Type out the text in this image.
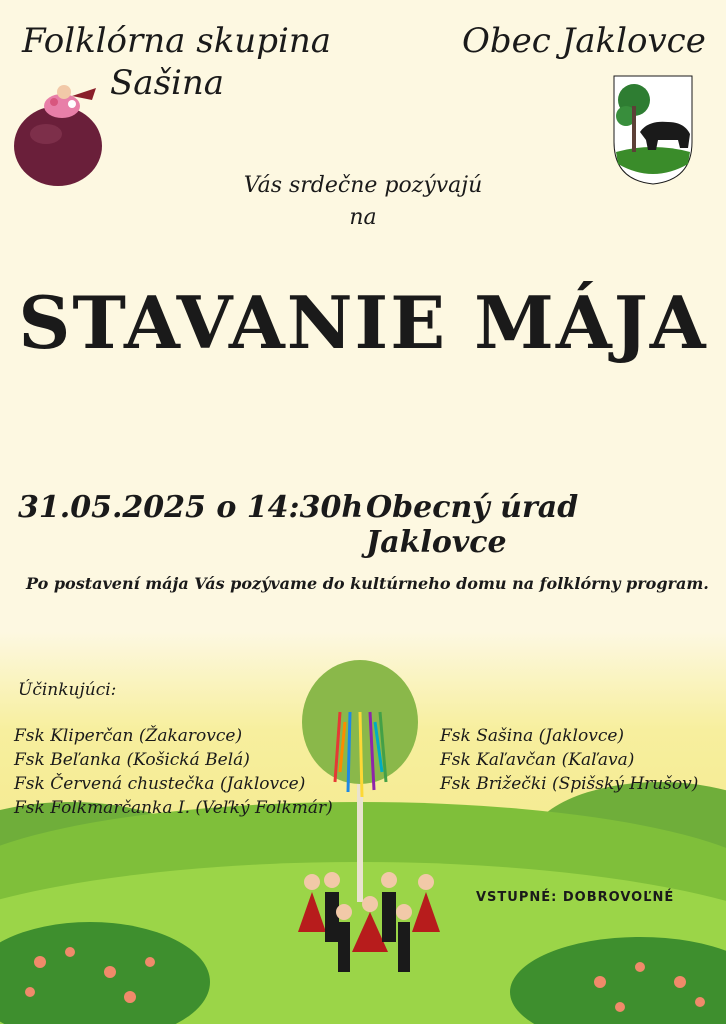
Folklórna skupina
Sašina
Obec Jaklovce
Vás srdečne pozývajú
na
STAVANIE MÁJA
31.05.2025 o 14:30h Obecný úrad Jaklovce
Po postavení mája Vás pozývame do kultúrneho domu na folklórny program.
Účinkujúci:
Fsk Kliperčan (Žakarovce)
Fsk Beľanka (Košická Belá)
Fsk Červená chustečka (Jaklovce)
Fsk Folkmarčanka I. (Veľký Folkmár)
Fsk Sašina (Jaklovce)
Fsk Kaľavčan (Kaľava)
Fsk Brižečki (Spišský Hrušov)
VSTUPNÉ: DOBROVOĽNÉ
